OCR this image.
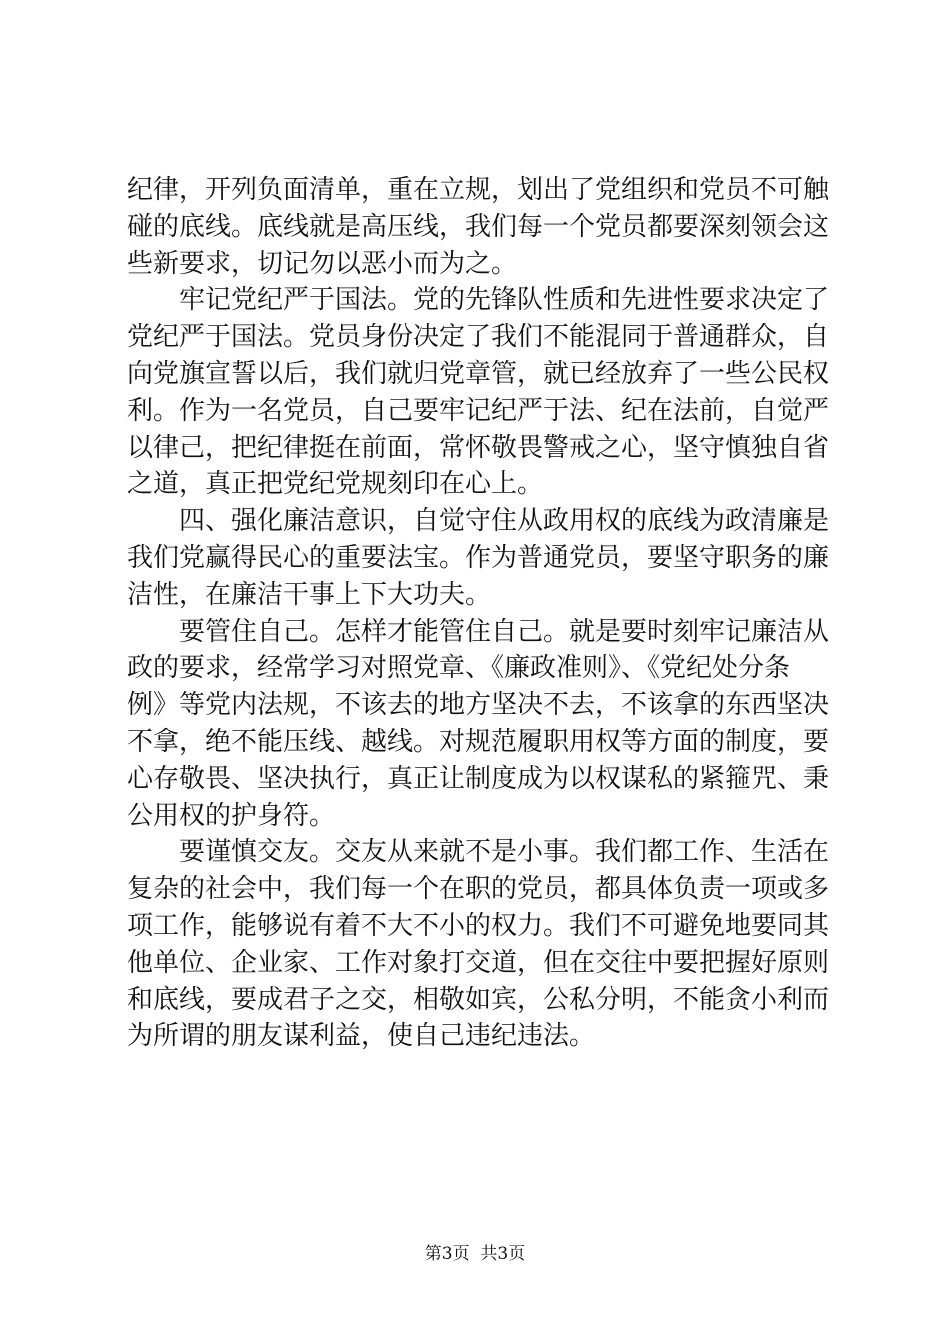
纪律，开列负面清单，重在立规，划出了党组织和党员不可触
碰的底线。底线就是高压线，我们每一个党员都要深刻领会这
些新要求，切记勿以恶小而为之。
　　牢记党纪严于国法。党的先锋队性质和先进性要求决定了
党纪严于国法。党员身份决定了我们不能混同于普通群众，自
向党旗宣誓以后，我们就归党章管，就已经放弃了一些公民权
利。作为一名党员，自己要牢记纪严于法、纪在法前，自觉严
以律己，把纪律挺在前面，常怀敬畏警戒之心，坚守慎独自省
之道，真正把党纪党规刻印在心上。
　　四、强化廉洁意识，自觉守住从政用权的底线为政清廉是
我们党赢得民心的重要法宝。作为普通党员，要坚守职务的廉
洁性，在廉洁干事上下大功夫。
　　要管住自己。怎样才能管住自己。就是要时刻牢记廉洁从
政的要求，经常学习对照党章、《廉政准则》、《党纪处分条
例》等党内法规，不该去的地方坚决不去，不该拿的东西坚决
不拿，绝不能压线、越线。对规范履职用权等方面的制度，要
心存敬畏、坚决执行，真正让制度成为以权谋私的紧箍咒、秉
公用权的护身符。
　　要谨慎交友。交友从来就不是小事。我们都工作、生活在
复杂的社会中，我们每一个在职的党员，都具体负责一项或多
项工作，能够说有着不大不小的权力。我们不可避免地要同其
他单位、企业家、工作对象打交道，但在交往中要把握好原则
和底线，要成君子之交，相敬如宾，公私分明，不能贪小利而
为所谓的朋友谋利益，使自己违纪违法。
第3页  共3页
